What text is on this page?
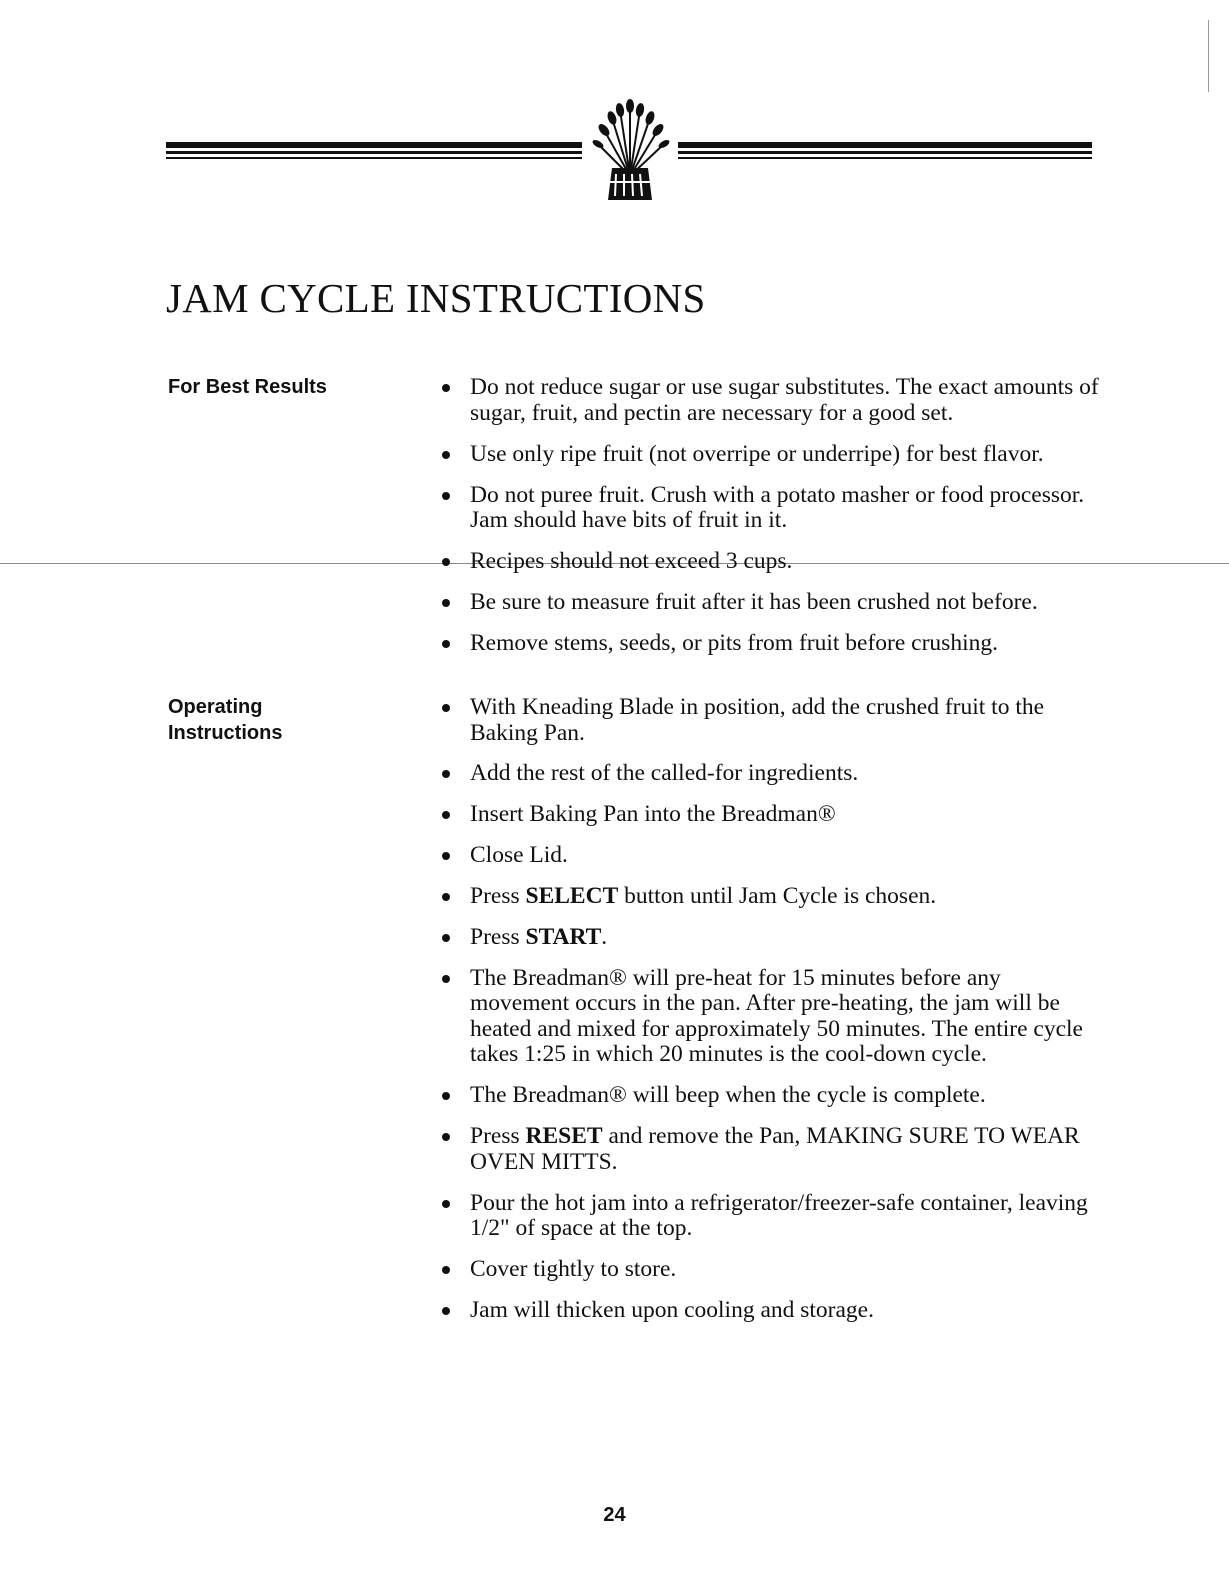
JAM CYCLE INSTRUCTIONS
For Best Results	Do not reduce sugar or use sugar substitutes. The exact amounts of sugar, fruit, and pectin are necessary for a good set.
Use only ripe fruit (not overripe or underripe) for best flavor.
Do not puree fruit. Crush with a potato masher or food processor. Jam should have bits of fruit in it.
Recipes should not exceed 3 cups.
Be sure to measure fruit after it has been crushed not before.
Remove stems, seeds, or pits from fruit before crushing.
Operating
Instructions
With Kneading Blade in position, add the crushed fruit to the Baking Pan.
Add the rest of the called-for ingredients.
Insert Baking Pan into the Breadman®
Close Lid.
Press SELECT button until Jam Cycle is chosen.
Press START.
The Breadman® will pre-heat for 15 minutes before any movement occurs in the pan. After pre-heating, the jam will be heated and mixed for approximately 50 minutes. The entire cycle takes 1:25 in which 20 minutes is the cool-down cycle.
The Breadman® will beep when the cycle is complete.
Press RESET and remove the Pan, MAKING SURE TO WEAR OVEN MITTS.
Pour the hot jam into a refrigerator/freezer-safe container, leaving 1/2" of space at the top.
Cover tightly to store.
Jam will thicken upon cooling and storage.
24
